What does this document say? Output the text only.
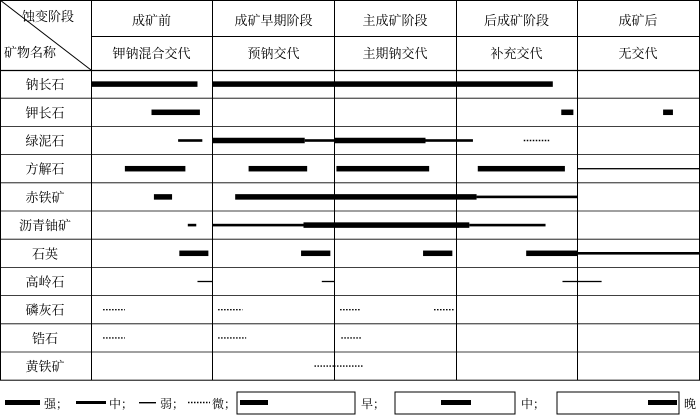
蚀变阶段
矿物名称
成矿前	成矿早期阶段	主成矿阶段	后成矿阶段	成矿后
钾钠混合交代	预钠交代	主期钠交代	补充交代	无交代
钠长石
钾长石
绿泥石
方解石
赤铁矿
沥青铀矿
石英
高岭石
磷灰石
锆石
黄铁矿
强；	中； 弱； 微；	早；	中；	晚
